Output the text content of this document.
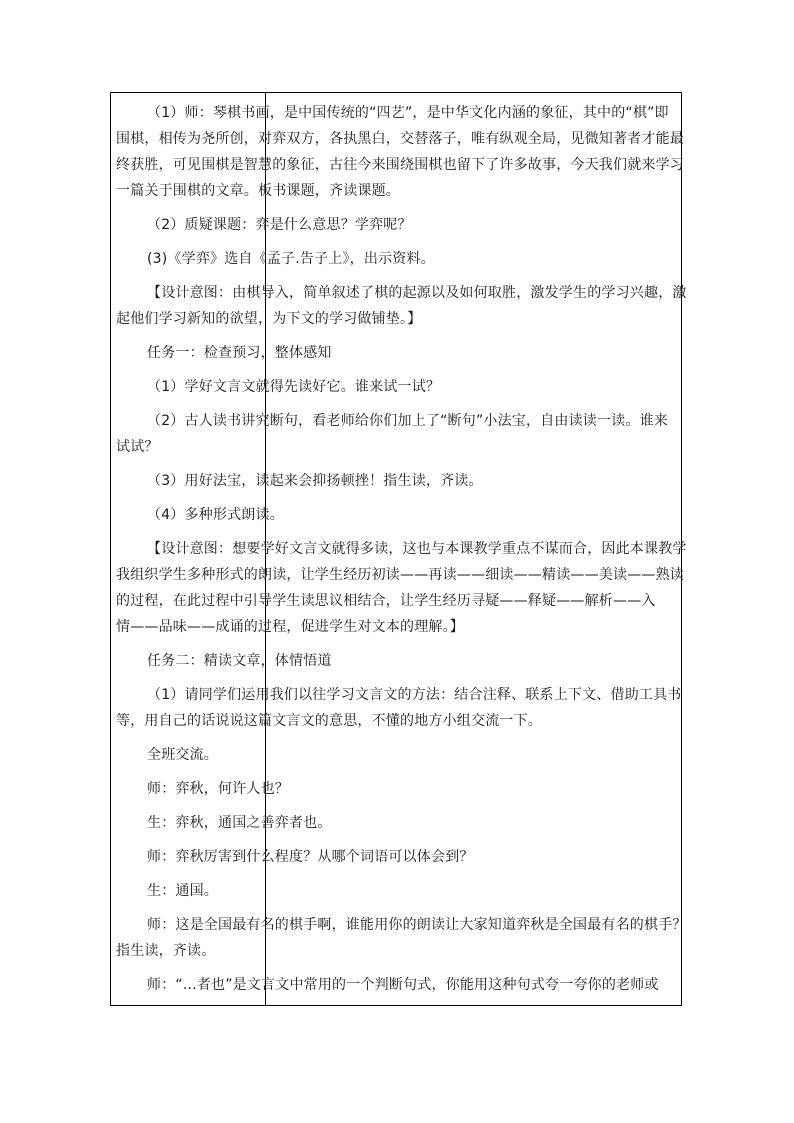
（1）师：琴棋书画，是中国传统的“四艺”，是中华文化内涵的象征，其中的“棋”即
围棋，相传为尧所创，对弈双方，各执黑白，交替落子，唯有纵观全局，见微知著者才能最
终获胜，可见围棋是智慧的象征，古往今来围绕围棋也留下了许多故事，今天我们就来学习
一篇关于围棋的文章。板书课题，齐读课题。
（2）质疑课题：弈是什么意思？学弈呢？
(3)《学弈》选自《孟子.告子上》，出示资料。
【设计意图：由棋导入，简单叙述了棋的起源以及如何取胜，激发学生的学习兴趣，激
起他们学习新知的欲望，为下文的学习做铺垫。】
任务一：检查预习，整体感知
（1）学好文言文就得先读好它。谁来试一试？
（2）古人读书讲究断句，看老师给你们加上了“断句”小法宝，自由读读一读。谁来
试试？
（3）用好法宝，读起来会抑扬顿挫！指生读，齐读。
（4）多种形式朗读。
【设计意图：想要学好文言文就得多读，这也与本课教学重点不谋而合，因此本课教学
我组织学生多种形式的朗读，让学生经历初读——再读——细读——精读——美读——熟读
的过程，在此过程中引导学生读思议相结合，让学生经历寻疑——释疑——解析——入
情——品味——成诵的过程，促进学生对文本的理解。】
任务二：精读文章，体情悟道
（1）请同学们运用我们以往学习文言文的方法：结合注释、联系上下文、借助工具书
等，用自己的话说说这篇文言文的意思，不懂的地方小组交流一下。
全班交流。
师：弈秋，何许人也？
生：弈秋，通国之善弈者也。
师：弈秋厉害到什么程度？从哪个词语可以体会到？
生：通国。
师：这是全国最有名的棋手啊，谁能用你的朗读让大家知道弈秋是全国最有名的棋手？
指生读，齐读。
师：“...者也”是文言文中常用的一个判断句式，你能用这种句式夸一夸你的老师或
